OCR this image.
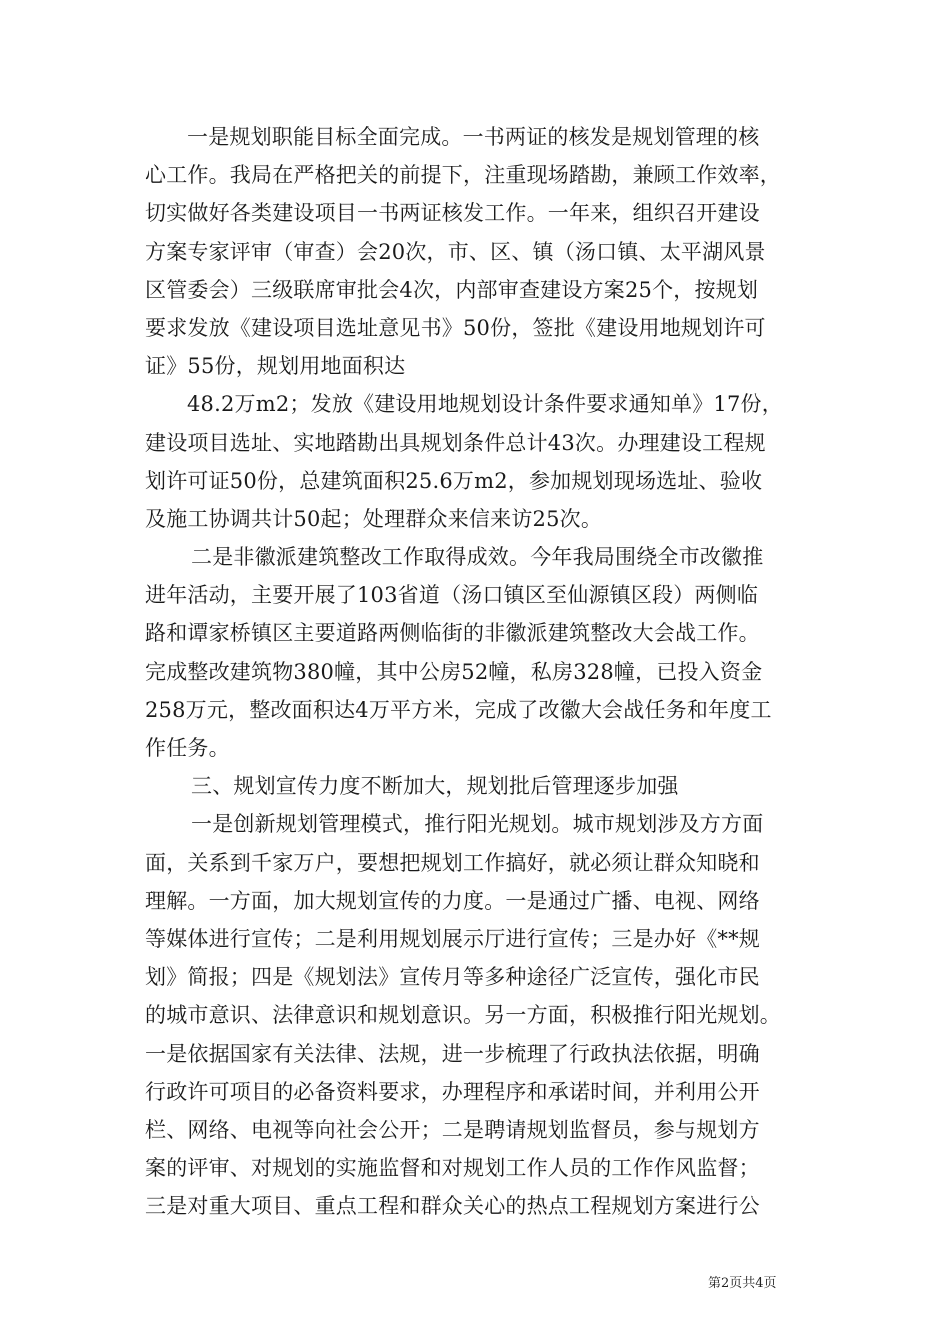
一是规划职能目标全面完成。一书两证的核发是规划管理的核
心工作。我局在严格把关的前提下，注重现场踏勘，兼顾工作效率，
切实做好各类建设项目一书两证核发工作。一年来，组织召开建设
方案专家评审（审查）会20次，市、区、镇（汤口镇、太平湖风景
区管委会）三级联席审批会4次，内部审查建设方案25个，按规划
要求发放《建设项目选址意见书》50份，签批《建设用地规划许可
证》55份，规划用地面积达
48.2万m2；发放《建设用地规划设计条件要求通知单》17份，
建设项目选址、实地踏勘出具规划条件总计43次。办理建设工程规
划许可证50份，总建筑面积25.6万m2，参加规划现场选址、验收
及施工协调共计50起；处理群众来信来访25次。
二是非徽派建筑整改工作取得成效。今年我局围绕全市改徽推
进年活动，主要开展了103省道（汤口镇区至仙源镇区段）两侧临
路和谭家桥镇区主要道路两侧临街的非徽派建筑整改大会战工作。
完成整改建筑物380幢，其中公房52幢，私房328幢，已投入资金
258万元，整改面积达4万平方米，完成了改徽大会战任务和年度工
作任务。
三、规划宣传力度不断加大，规划批后管理逐步加强
一是创新规划管理模式，推行阳光规划。城市规划涉及方方面
面，关系到千家万户，要想把规划工作搞好，就必须让群众知晓和
理解。一方面，加大规划宣传的力度。一是通过广播、电视、网络
等媒体进行宣传；二是利用规划展示厅进行宣传；三是办好《**规
划》简报；四是《规划法》宣传月等多种途径广泛宣传，强化市民
的城市意识、法律意识和规划意识。另一方面，积极推行阳光规划。
一是依据国家有关法律、法规，进一步梳理了行政执法依据，明确
行政许可项目的必备资料要求，办理程序和承诺时间，并利用公开
栏、网络、电视等向社会公开；二是聘请规划监督员，参与规划方
案的评审、对规划的实施监督和对规划工作人员的工作作风监督；
三是对重大项目、重点工程和群众关心的热点工程规划方案进行公
第2页共4页
